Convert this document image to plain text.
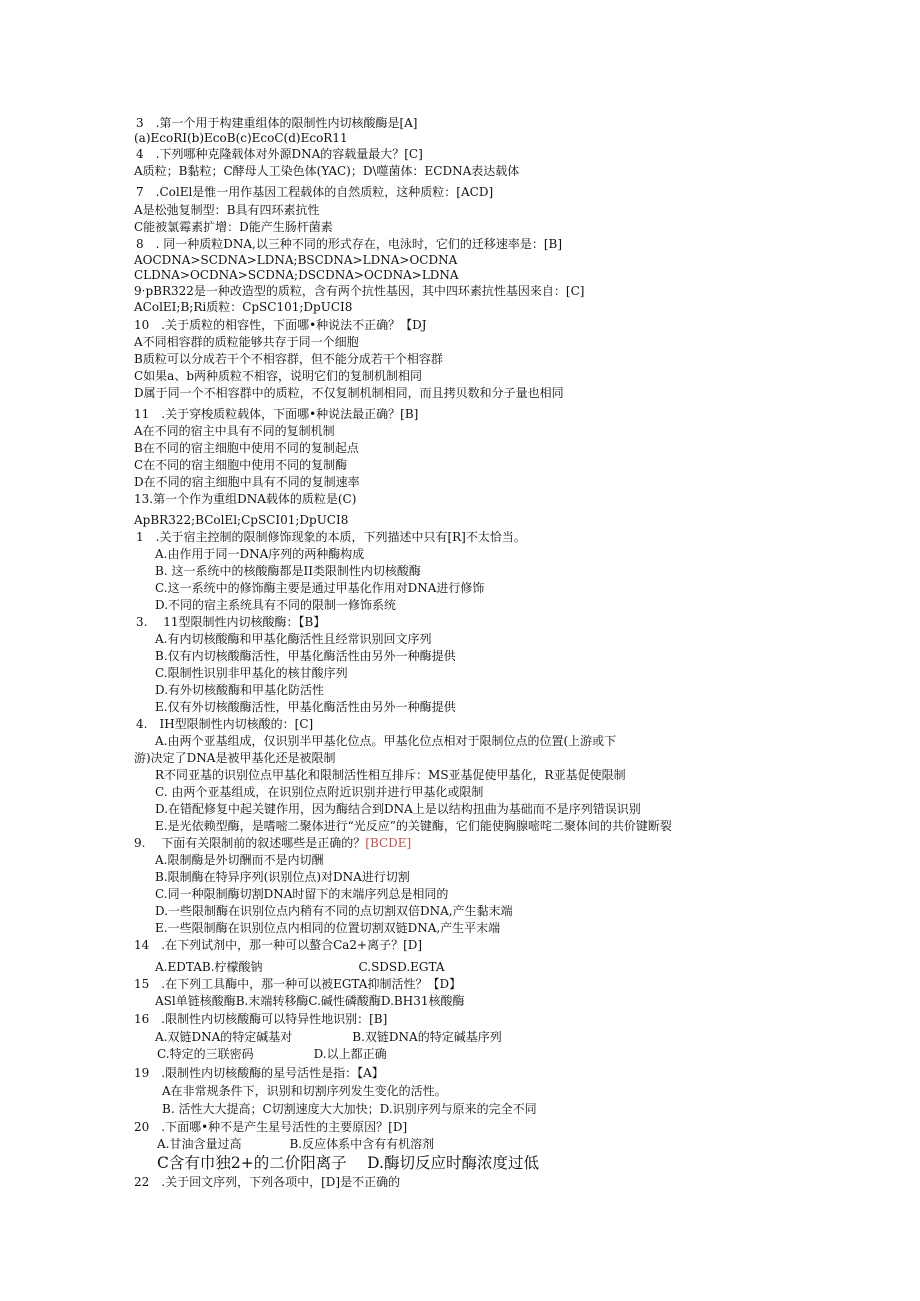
3　.第一个用于构建重组体的限制性内切核酸酶是[A]
(a)EcoRI(b)EcoB(c)EcoC(d)EcoR11
4　.下列哪种克隆载体对外源DNA的容载量最大？[C]
A质粒；B黏粒；C酵母人工染色体(YAC)；D\噬菌体：ECDNA表达载体
7　.ColEl是惟一用作基因工程载体的自然质粒，这种质粒：[ACD]
A是松弛复制型：B具有四环素抗性
C能被氯霉素扩增：D能产生肠杆菌素
8　. 同一种质粒DNA,以三种不同的形式存在，电泳时，它们的迁移速率是：[B]
AOCDNA>SCDNA>LDNA;BSCDNA>LDNA>OCDNA
CLDNA>OCDNA>SCDNA;DSCDNA>OCDNA>LDNA
9·pBR322是一种改造型的质粒，含有两个抗性基因，其中四环素抗性基因来自：[C]
AColEI;B;Ri质粒：CpSC101;DpUCI8
10　.关于质粒的相容性，下面哪•种说法不正确？【DJ
A不同相容群的质粒能够共存于同一个细胞
B质粒可以分成若干个不相容群，但不能分成若干个相容群
C如果a、b两种质粒不相容，说明它们的复制机制相同
D属于同一个不相容群中的质粒，不仅复制机制相同，而且拷贝数和分子量也相同
11　.关于穿梭质粒载体，下面哪•种说法最正确？[B]
A在不同的宿主中具有不同的复制机制
B在不同的宿主细胞中使用不同的复制起点
C在不同的宿主细胞中使用不同的复制酶
D在不同的宿主细胞中具有不同的复制速率
13.第一个作为重组DNA载体的质粒是(C)
ApBR322;BColEl;CpSCI01;DpUCI8
1　.关于宿主控制的限制修饰现象的本质，下列描述中只有[R]不太恰当。
A.由作用于同一DNA序列的两种酶构成
B. 这一系统中的核酸酶都是II类限制性内切核酸酶
C.这一系统中的修饰酶主要是通过甲基化作用对DNA进行修饰
D.不同的宿主系统具有不同的限制一修饰系统
3.　 11型限制性内切核酸酶：【B】
A.有内切核酸酶和甲基化酶活性且经常识别回文序列
B.仅有内切核酸酶活性，甲基化酶活性由另外一种酶提供
C.限制性识别非甲基化的核甘酸序列
D.有外切核酸酶和甲基化防活性
E.仅有外切核酸酶活性，甲基化酶活性由另外一种酶提供
4.　IH型限制性内切核酸的：[C]
A.由两个亚基组成，仅识别半甲基化位点。甲基化位点相对于限制位点的位置(上游或下
游)决定了DNA是被甲基化还是被限制
R不同亚基的识别位点甲基化和限制活性相互排斥：MS亚基促使甲基化，R亚基促使限制
C. 由两个亚基组成，在识别位点附近识别并进行甲基化或限制
D.在错配修复中起关键作用，因为酶结合到DNA上是以结构扭曲为基础而不是序列错误识别
E.是光依赖型酶，是嗜嘧二聚体进行“光反应”的关键酶，它们能使胸腺嘧咤二聚体间的共价键断裂
9.　 下面有关限制前的叙述哪些是正确的？[BCDE]
A.限制酶是外切酬而不是内切酬
B.限制酶在特异序列(识别位点)对DNA进行切割
C.同一种限制酶切割DNA时留下的末端序列总是相同的
D.一些限制酶在识别位点内稍有不同的点切割双倍DNA,产生黏末端
E.一些限制酶在识别位点内相同的位置切割双链DNA,产生平末端
14　.在下列试剂中，那一种可以螯合Ca2+离子？[D]
A.EDTAB.柠檬酸钠　　　　　　　　C.SDSD.EGTA
15　.在下列工具酶中，那一种可以被EGTA抑制活性？【D】
ASl单链核酸酶B.末端转移酶C.碱性磷酸酶D.BH31核酸酶
16　.限制性内切核酸酶可以特异性地识别：[B]
A.双链DNA的特定碱基对　　　　　B.双链DNA的特定碱基序列
C.特定的三联密码　　　　　D.以上都正确
19　.限制性内切核酸酶的星号活性是指：【A】
A在非常规条件下，识别和切割序列发生变化的活性。
B. 活性大大提高；C切割速度大大加快；D.识别序列与原来的完全不同
20　.下面哪•种不是产生星号活性的主要原因？[D]
A.甘油含量过高　　　　B.反应体系中含有有机溶剂
C含有巾独2+的二价阳离子　 D.酶切反应时酶浓度过低
22　.关于回文序列，下列各项中，[D]是不正确的
